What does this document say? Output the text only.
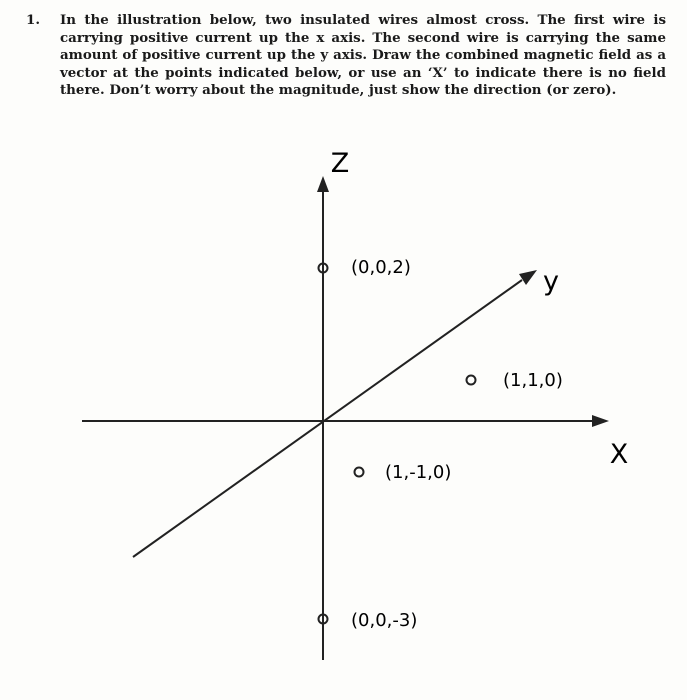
1.	In the illustration below, two insulated wires almost cross. The first wire is carrying positive current up the x axis. The second wire is carrying the same amount of positive current up the y axis. Draw the combined magnetic field as a vector at the points indicated below, or use an ‘X’ to indicate there is no field there. Don’t worry about the magnitude, just show the direction (or zero).
Z
y
X
(0,0,2)
(1,1,0)
(1,-1,0)
(0,0,-3)
